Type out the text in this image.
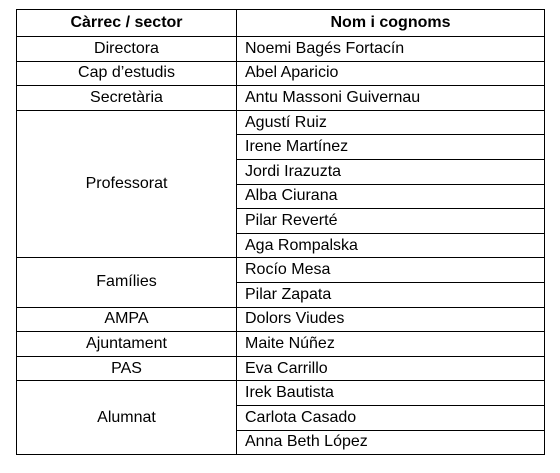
Càrrec / sector	Nom i cognoms
Directora	Noemi Bagés Fortacín
Cap d’estudis	Abel Aparicio
Secretària	Antu Massoni Guivernau
Professorat	Agustí Ruiz
	Irene Martínez
	Jordi Irazuzta
	Alba Ciurana
	Pilar Reverté
	Aga Rompalska
Famílies	Rocío Mesa
	Pilar Zapata
AMPA	Dolors Viudes
Ajuntament	Maite Núñez
PAS	Eva Carrillo
Alumnat	Irek Bautista
	Carlota Casado
	Anna Beth López
